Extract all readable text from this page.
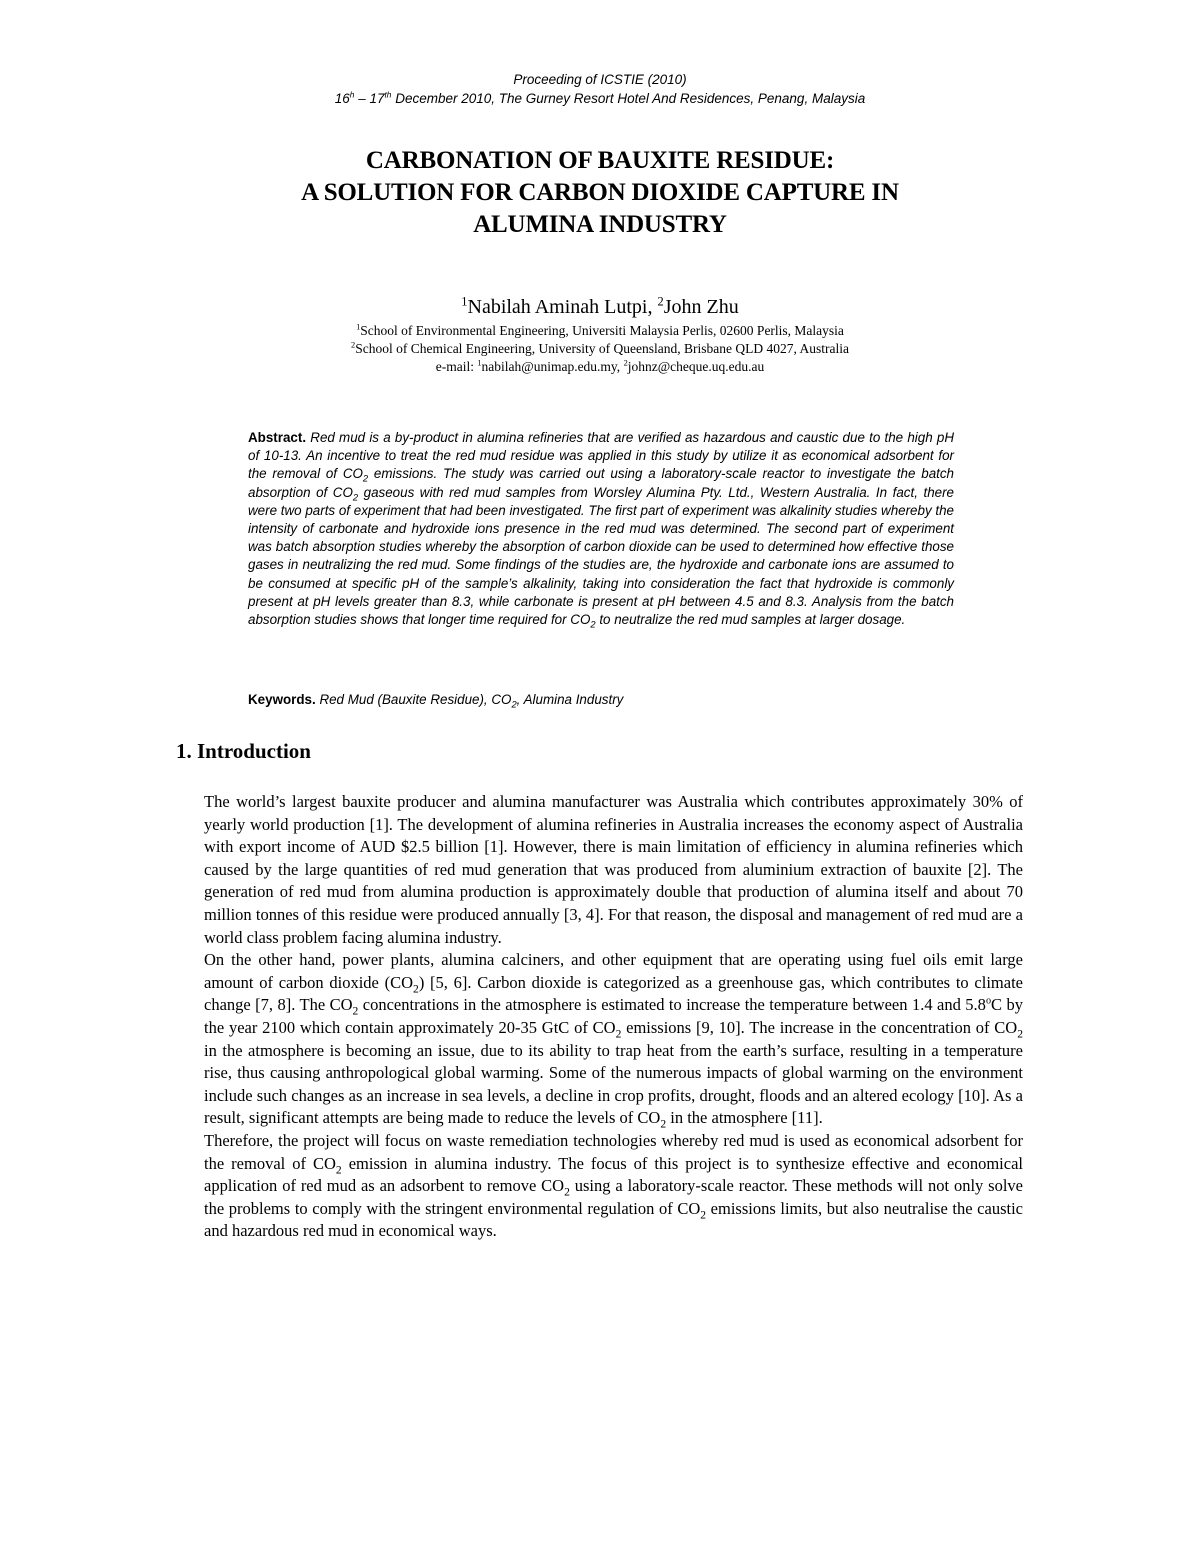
Proceeding of ICSTIE (2010)
16$^h$ – 17th December 2010, The Gurney Resort Hotel And Residences, Penang, Malaysia
CARBONATION OF BAUXITE RESIDUE:
A SOLUTION FOR CARBON DIOXIDE CAPTURE IN
ALUMINA INDUSTRY
$^1$Nabilah Aminah Lutpi, $^2$John Zhu
$^1$School of Environmental Engineering, Universiti Malaysia Perlis, 02600 Perlis, Malaysia
$^2$School of Chemical Engineering, University of Queensland, Brisbane QLD 4027, Australia
e-mail: $^1$nabilah@unimap.edu.my, $^2$johnz@cheque.uq.edu.au
Abstract. Red mud is a by-product in alumina refineries that are verified as hazardous and caustic due to the high pH of 10-13. An incentive to treat the red mud residue was applied in this study by utilize it as economical adsorbent for the removal of $CO_2$ emissions. The study was carried out using a laboratory-scale reactor to investigate the batch absorption of $CO_2$ gaseous with red mud samples from Worsley Alumina Pty. Ltd., Western Australia. In fact, there were two parts of experiment that had been investigated. The first part of experiment was alkalinity studies whereby the intensity of carbonate and hydroxide ions presence in the red mud was determined. The second part of experiment was batch absorption studies whereby the absorption of carbon dioxide can be used to determined how effective those gases in neutralizing the red mud. Some findings of the studies are, the hydroxide and carbonate ions are assumed to be consumed at specific pH of the sample’s alkalinity, taking into consideration the fact that hydroxide is commonly present at pH levels greater than 8.3, while carbonate is present at pH between 4.5 and 8.3. Analysis from the batch absorption studies shows that longer time required for $CO_2$ to neutralize the red mud samples at larger dosage.
Keywords. Red Mud (Bauxite Residue), $CO_2$, Alumina Industry
1. Introduction

The world’s largest bauxite producer and alumina manufacturer was Australia which contributes approximately 30% of yearly world production [1]. The development of alumina refineries in Australia increases the economy aspect of Australia with export income of AUD $2.5 billion [1]. However, there is main limitation of efficiency in alumina refineries which caused by the large quantities of red mud generation that was produced from aluminium extraction of bauxite [2]. The generation of red mud from alumina production is approximately double that production of alumina itself and about 70 million tonnes of this residue were produced annually [3, 4]. For that reason, the disposal and management of red mud are a world class problem facing alumina industry.

On the other hand, power plants, alumina calciners, and other equipment that are operating using fuel oils emit large amount of carbon dioxide $(CO_2)$ [5, 6]. Carbon dioxide is categorized as a greenhouse gas, which contributes to climate change [7, 8]. The $CO_2$ concentrations in the atmosphere is estimated to increase the temperature between 1.4 and 5.8$^o$C by the year 2100 which contain approximately 20-35 GtC of $CO_2$ emissions [9, 10]. The increase in the concentration of $CO_2$ in the atmosphere is becoming an issue, due to its ability to trap heat from the earth’s surface, resulting in a temperature rise, thus causing anthropological global warming. Some of the numerous impacts of global warming on the environment include such changes as an increase in sea levels, a decline in crop profits, drought, floods and an altered ecology [10]. As a result, significant attempts are being made to reduce the levels of $CO_2$ in the atmosphere [11].

Therefore, the project will focus on waste remediation technologies whereby red mud is used as economical adsorbent for the removal of $CO_2$ emission in alumina industry. The focus of this project is to synthesize effective and economical application of red mud as an adsorbent to remove $CO_2$ using a laboratory-scale reactor. These methods will not only solve the problems to comply with the stringent environmental regulation of $CO_2$ emissions limits, but also neutralise the caustic and hazardous red mud in economical ways.
